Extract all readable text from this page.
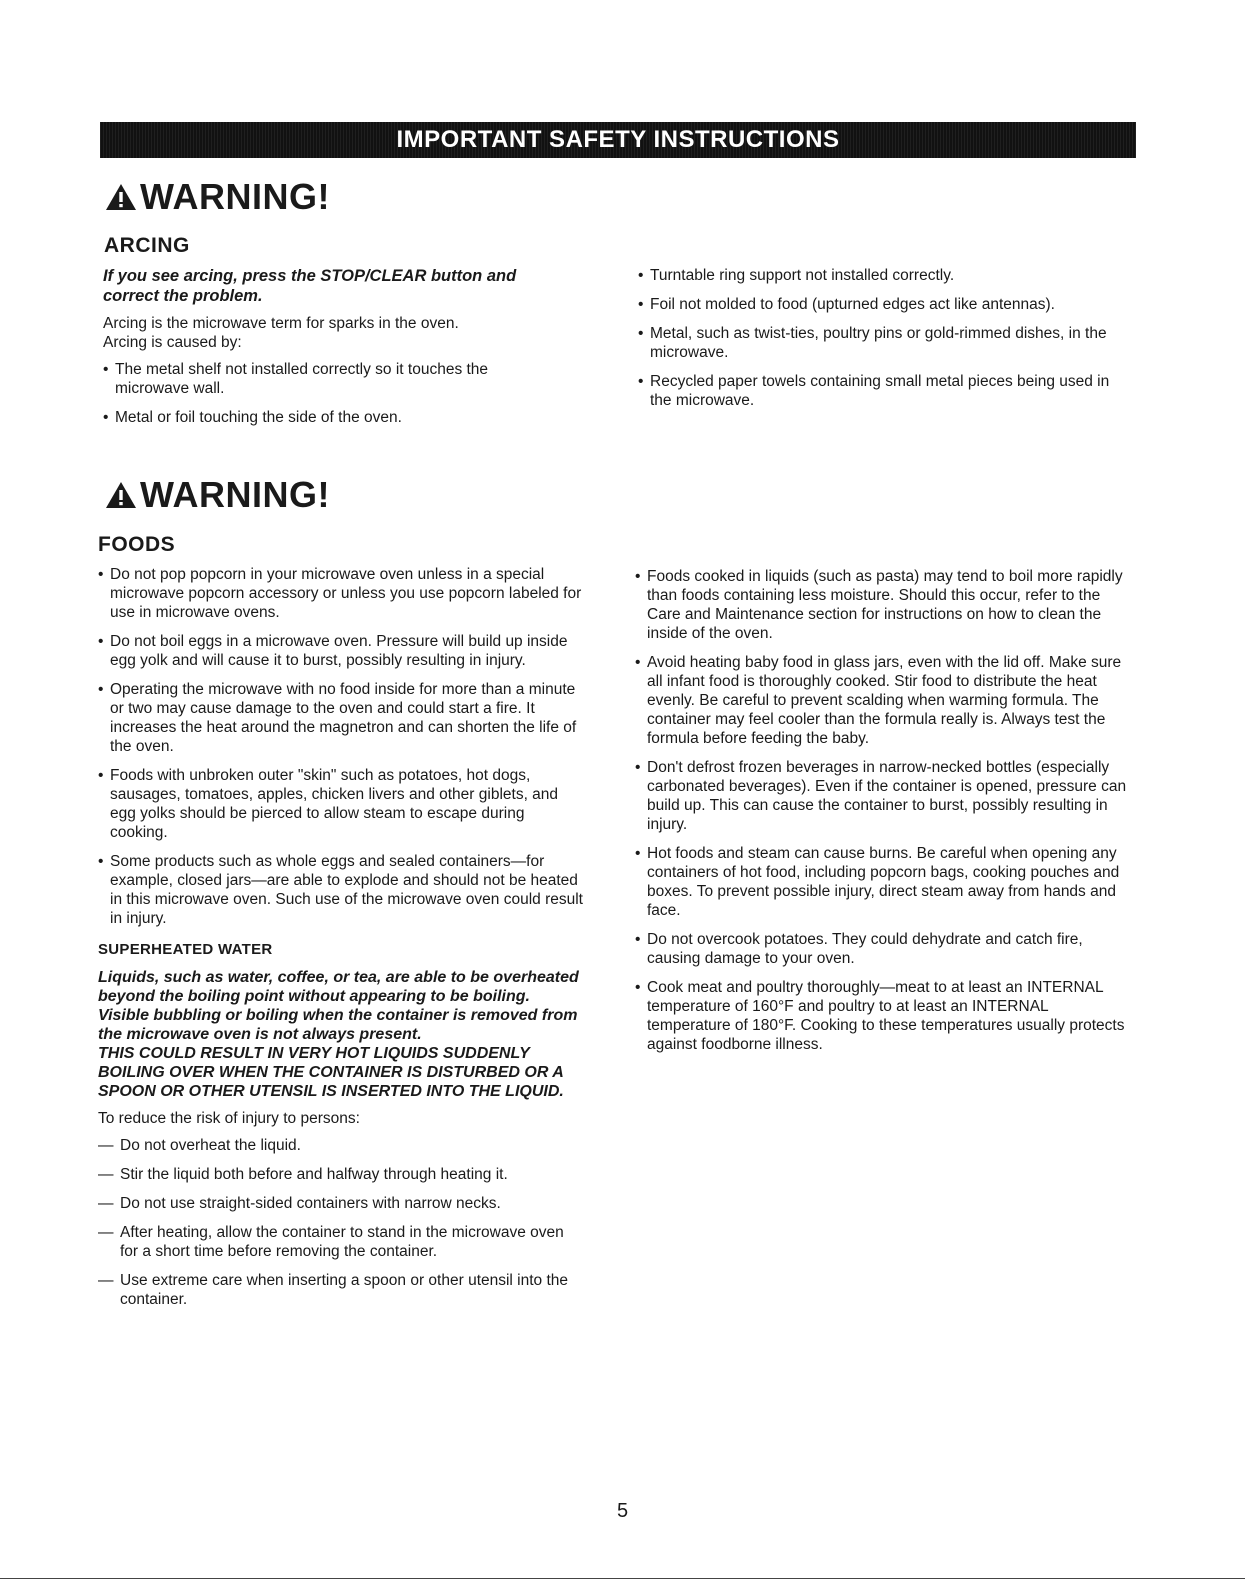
IMPORTANT SAFETY INSTRUCTIONS
WARNING!
ARCING

If you see arcing, press the STOP/CLEAR button and correct the problem.

Arcing is the microwave term for sparks in the oven.

Arcing is caused by:

• The metal shelf not installed correctly so it touches the microwave wall.
• Metal or foil touching the side of the oven.
• Turntable ring support not installed correctly.
• Foil not molded to food (upturned edges act like antennas).
• Metal, such as twist-ties, poultry pins or gold-rimmed dishes, in the microwave.
• Recycled paper towels containing small metal pieces being used in the microwave.
WARNING!
FOODS
• Do not pop popcorn in your microwave oven unless in a special microwave popcorn accessory or unless you use popcorn labeled for use in microwave ovens.
• Do not boil eggs in a microwave oven. Pressure will build up inside egg yolk and will cause it to burst, possibly resulting in injury.
• Operating the microwave with no food inside for more than a minute or two may cause damage to the oven and could start a fire. It increases the heat around the magnetron and can shorten the life of the oven.
• Foods with unbroken outer "skin" such as potatoes, hot dogs, sausages, tomatoes, apples, chicken livers and other giblets, and egg yolks should be pierced to allow steam to escape during cooking.
• Some products such as whole eggs and sealed containers—for example, closed jars—are able to explode and should not be heated in this microwave oven. Such use of the microwave oven could result in injury.
SUPERHEATED WATER

Liquids, such as water, coffee, or tea, are able to be overheated beyond the boiling point without appearing to be boiling. Visible bubbling or boiling when the container is removed from the microwave oven is not always present.
THIS COULD RESULT IN VERY HOT LIQUIDS SUDDENLY BOILING OVER WHEN THE CONTAINER IS DISTURBED OR A SPOON OR OTHER UTENSIL IS INSERTED INTO THE LIQUID.

To reduce the risk of injury to persons:

— Do not overheat the liquid.
— Stir the liquid both before and halfway through heating it.
— Do not use straight-sided containers with narrow necks.
— After heating, allow the container to stand in the microwave oven for a short time before removing the container.
— Use extreme care when inserting a spoon or other utensil into the container.
• Foods cooked in liquids (such as pasta) may tend to boil more rapidly than foods containing less moisture. Should this occur, refer to the Care and Maintenance section for instructions on how to clean the inside of the oven.
• Avoid heating baby food in glass jars, even with the lid off. Make sure all infant food is thoroughly cooked. Stir food to distribute the heat evenly. Be careful to prevent scalding when warming formula. The container may feel cooler than the formula really is. Always test the formula before feeding the baby.
• Don't defrost frozen beverages in narrow-necked bottles (especially carbonated beverages). Even if the container is opened, pressure can build up. This can cause the container to burst, possibly resulting in injury.
• Hot foods and steam can cause burns. Be careful when opening any containers of hot food, including popcorn bags, cooking pouches and boxes. To prevent possible injury, direct steam away from hands and face.
• Do not overcook potatoes. They could dehydrate and catch fire, causing damage to your oven.
• Cook meat and poultry thoroughly—meat to at least an INTERNAL temperature of 160°F and poultry to at least an INTERNAL temperature of 180°F. Cooking to these temperatures usually protects against foodborne illness.
5
